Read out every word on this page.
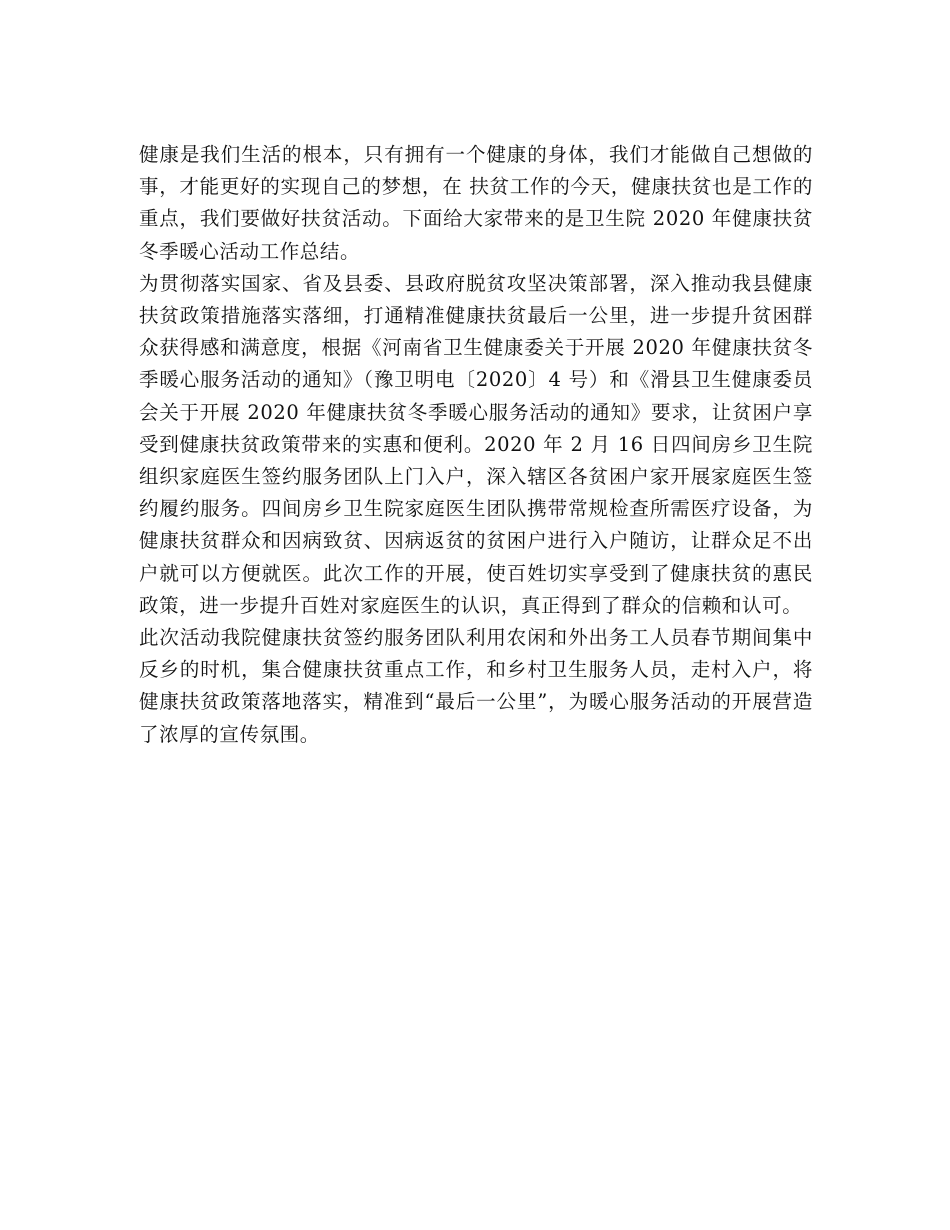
健康是我们生活的根本，只有拥有一个健康的身体，我们才能做自己想做的事，才能更好的实现自己的梦想，在 扶贫工作的今天，健康扶贫也是工作的重点，我们要做好扶贫活动。下面给大家带来的是卫生院 2020 年健康扶贫冬季暖心活动工作总结。

为贯彻落实国家、省及县委、县政府脱贫攻坚决策部署，深入推动我县健康扶贫政策措施落实落细，打通精准健康扶贫最后一公里，进一步提升贫困群众获得感和满意度，根据《河南省卫生健康委关于开展 2020 年健康扶贫冬季暖心服务活动的通知》（豫卫明电〔2020〕4 号）和《滑县卫生健康委员会关于开展 2020 年健康扶贫冬季暖心服务活动的通知》要求，让贫困户享受到健康扶贫政策带来的实惠和便利。2020 年 2 月 16 日四间房乡卫生院组织家庭医生签约服务团队上门入户，深入辖区各贫困户家开展家庭医生签约履约服务。四间房乡卫生院家庭医生团队携带常规检查所需医疗设备，为健康扶贫群众和因病致贫、因病返贫的贫困户进行入户随访，让群众足不出户就可以方便就医。此次工作的开展，使百姓切实享受到了健康扶贫的惠民政策，进一步提升百姓对家庭医生的认识，真正得到了群众的信赖和认可。

此次活动我院健康扶贫签约服务团队利用农闲和外出务工人员春节期间集中反乡的时机，集合健康扶贫重点工作，和乡村卫生服务人员，走村入户，将健康扶贫政策落地落实，精准到“最后一公里”，为暖心服务活动的开展营造了浓厚的宣传氛围。
